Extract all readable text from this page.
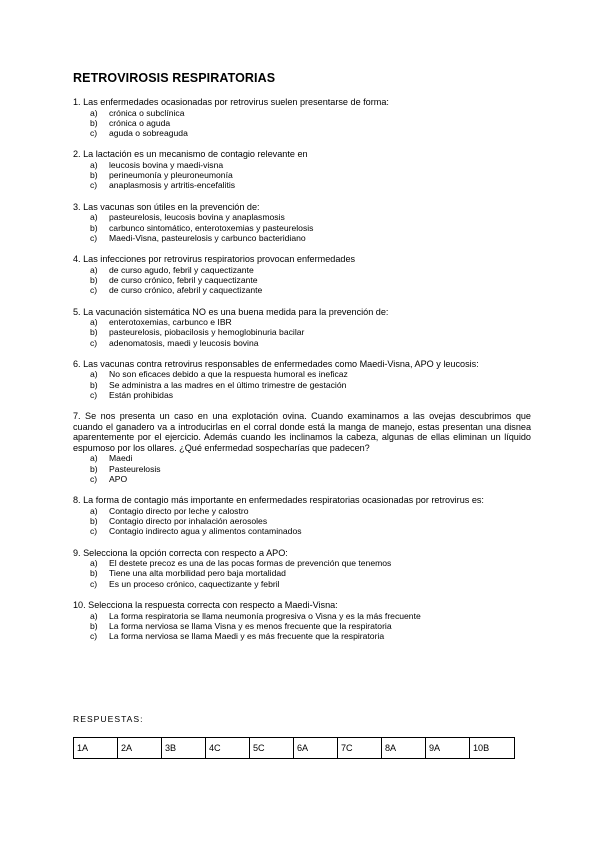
RETROVIROSIS RESPIRATORIAS
1. Las enfermedades ocasionadas por retrovirus suelen presentarse de forma:
a) crónica o subclínica
b) crónica o aguda
c) aguda o sobreaguda
2. La lactación es un mecanismo de contagio relevante en
a) leucosis bovina y maedi-visna
b) perineumonía y pleuroneumonía
c) anaplasmosis y artritis-encefalitis
3. Las vacunas son útiles en la prevención de:
a) pasteurelosis, leucosis bovina y anaplasmosis
b) carbunco sintomático, enterotoxemias y pasteurelosis
c) Maedi-Visna, pasteurelosis y carbunco bacteridiano
4. Las infecciones por retrovirus respiratorios provocan enfermedades
a) de curso agudo, febril y caquectizante
b) de curso crónico, febril y caquectizante
c) de curso crónico, afebril y caquectizante
5. La vacunación sistemática NO es una buena medida para la prevención de:
a) enterotoxemias, carbunco e IBR
b) pasteurelosis, piobacilosis y hemoglobinuria bacilar
c) adenomatosis, maedi y leucosis bovina
6. Las vacunas contra retrovirus responsables de enfermedades como Maedi-Visna, APO y leucosis:
a) No son eficaces debido a que la respuesta humoral es ineficaz
b) Se administra a las madres en el último trimestre de gestación
c) Están prohibidas
7. Se nos presenta un caso en una explotación ovina. Cuando examinamos a las ovejas descubrimos que cuando el ganadero va a introducirlas en el corral donde está la manga de manejo, estas presentan una disnea aparentemente por el ejercicio. Además cuando les inclinamos la cabeza, algunas de ellas eliminan un líquido espumoso por los ollares. ¿Qué enfermedad sospecharías que padecen?
a) Maedi
b) Pasteurelosis
c) APO
8. La forma de contagio más importante en enfermedades respiratorias ocasionadas por retrovirus es:
a) Contagio directo por leche y calostro
b) Contagio directo por inhalación aerosoles
c) Contagio indirecto agua y alimentos contaminados
9. Selecciona la opción correcta con respecto a APO:
a) El destete precoz es una de las pocas formas de prevención que tenemos
b) Tiene una alta morbilidad pero baja mortalidad
c) Es un proceso crónico, caquectizante y febril
10. Selecciona la respuesta correcta con respecto a Maedi-Visna:
a) La forma respiratoria se llama neumonía progresiva o Visna y es la más frecuente
b) La forma nerviosa se llama Visna y es menos frecuente que la respiratoria
c) La forma nerviosa se llama Maedi y es más frecuente que la respiratoria
RESPUESTAS:
1A	2A	3B	4C	5C	6A	7C	8A	9A	10B
